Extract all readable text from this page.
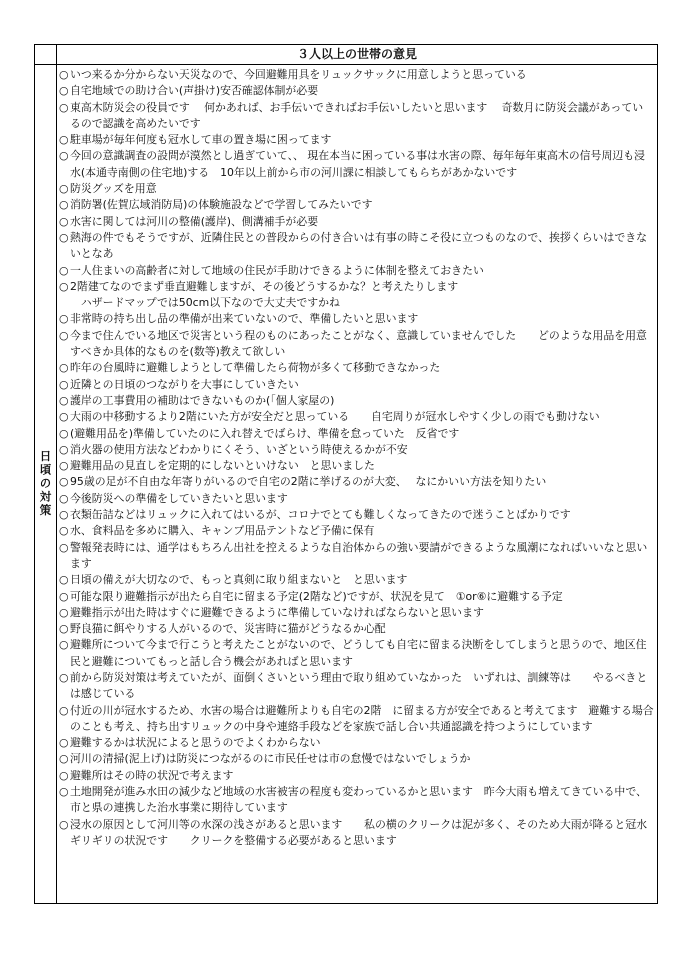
３人以上の世帯の意見
日頃の対策
○ いつ来るか分からない天災なので、今回避難用具をリュックサックに用意しようと思っている
○ 自宅地域での助け合い(声掛け)安否確認体制が必要
○ 東高木防災会の役員です　 何かあれば、お手伝いできればお手伝いしたいと思います　 奇数月に防災会議があっているので認識を高めたいです
○ 駐車場が毎年何度も冠水して車の置き場に困ってます
○ 今回の意識調査の設問が漠然とし過ぎていて、、 現在本当に困っている事は水害の際、毎年毎年東高木の信号周辺も浸水(本通寺南側の住宅地)する　10年以上前から市の河川課に相談してもらちがあかないです
○ 防災グッズを用意
○ 消防署(佐賀広域消防局)の体験施設などで学習してみたいです
○ 水害に関しては河川の整備(護岸)、側溝補手が必要
○ 熱海の件でもそうですが、近隣住民との普段からの付き合いは有事の時こそ役に立つものなので、挨拶くらいはできないとなあ
○ 一人住まいの高齢者に対して地域の住民が手助けできるように体制を整えておきたい
○ 2階建てなのでまず垂直避難しますが、その後どうするかな？と考えたりします
　ハザードマップでは50cm以下なので大丈夫ですかね
○ 非常時の持ち出し品の準備が出来ていないので、準備したいと思います
○ 今まで住んでいる地区で災害という程のものにあったことがなく、意識していませんでした　　どのような用品を用意すべきか具体的なものを(数等)教えて欲しい
○ 昨年の台風時に避難しようとして準備したら荷物が多くて移動できなかった
○ 近隣との日頃のつながりを大事にしていきたい
○ 護岸の工事費用の補助はできないものか(｢個人家屋の)
○ 大雨の中移動するより2階にいた方が安全だと思っている　　自宅周りが冠水しやすく少しの雨でも動けない
○ (避難用品を)準備していたのに入れ替えでばらけ、準備を怠っていた　反省です
○ 消火器の使用方法などわかりにくそう、いざという時使えるかが不安
○ 避難用品の見直しを定期的にしないといけない　と思いました
○ 95歳の足が不自由な年寄りがいるので自宅の2階に挙げるのが大変、　 なにかいい方法を知りたい
○ 今後防災への準備をしていきたいと思います
○ 衣類缶詰などはリュックに入れてはいるが、コロナでとても難しくなってきたので迷うことばかりです
○ 水、食料品を多めに購入、キャンプ用品テントなど予備に保有
○ 警報発表時には、通学はもちろん出社を控えるような自治体からの強い要請ができるような風潮になればいいなと思います
○ 日頃の備えが大切なので、もっと真剣に取り組まないと　と思います
○ 可能な限り避難指示が出たら自宅に留まる予定(2階など)ですが、状況を見て　①or⑥に避難する予定
○ 避難指示が出た時はすぐに避難できるように準備していなければならないと思います
○ 野良猫に餌やりする人がいるので、災害時に猫がどうなるか心配
○ 避難所について今まで行こうと考えたことがないので、どうしても自宅に留まる決断をしてしまうと思うので、地区住民と避難についてもっと話し合う機会があればと思います
○ 前から防災対策は考えていたが、面倒くさいという理由で取り組めていなかった　いずれは、訓練等は　　やるべきとは感じている
○ 付近の川が冠水するため、水害の場合は避難所よりも自宅の2階　に留まる方が安全であると考えてます　避難する場合のことも考え、持ち出すリュックの中身や連絡手段などを家族で話し合い共通認識を持つようにしています
○ 避難するかは状況によると思うのでよくわからない
○ 河川の清掃(泥上げ)は防災につながるのに市民任せは市の怠慢ではないでしょうか
○ 避難所はその時の状況で考えます
○ 土地開発が進み水田の減少など地域の水害被害の程度も変わっているかと思います　昨今大雨も増えてきている中で、市と県の連携した治水事業に期待しています
○ 浸水の原因として河川等の水深の浅さがあると思います　　私の横のクリークは泥が多く、そのため大雨が降ると冠水ギリギリの状況です　　クリークを整備する必要があると思います
